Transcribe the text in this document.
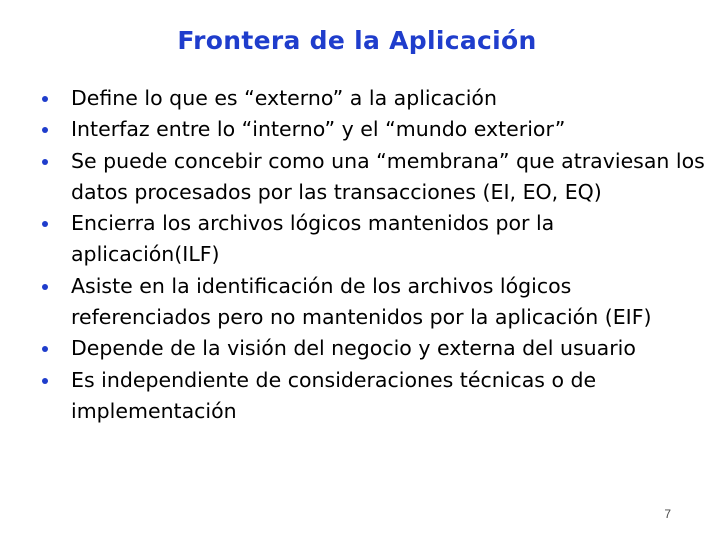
Frontera de la Aplicación
Define lo que es “externo” a la aplicación
Interfaz entre lo “interno” y el “mundo exterior”
Se puede concebir como una “membrana” que atraviesan los datos procesados por las transacciones (EI, EO, EQ)
Encierra los archivos lógicos mantenidos por la aplicación(ILF)
Asiste en la identificación de los archivos lógicos referenciados pero no mantenidos por la aplicación (EIF)
Depende de la visión del negocio y externa del usuario
Es independiente de consideraciones técnicas o de implementación
7
